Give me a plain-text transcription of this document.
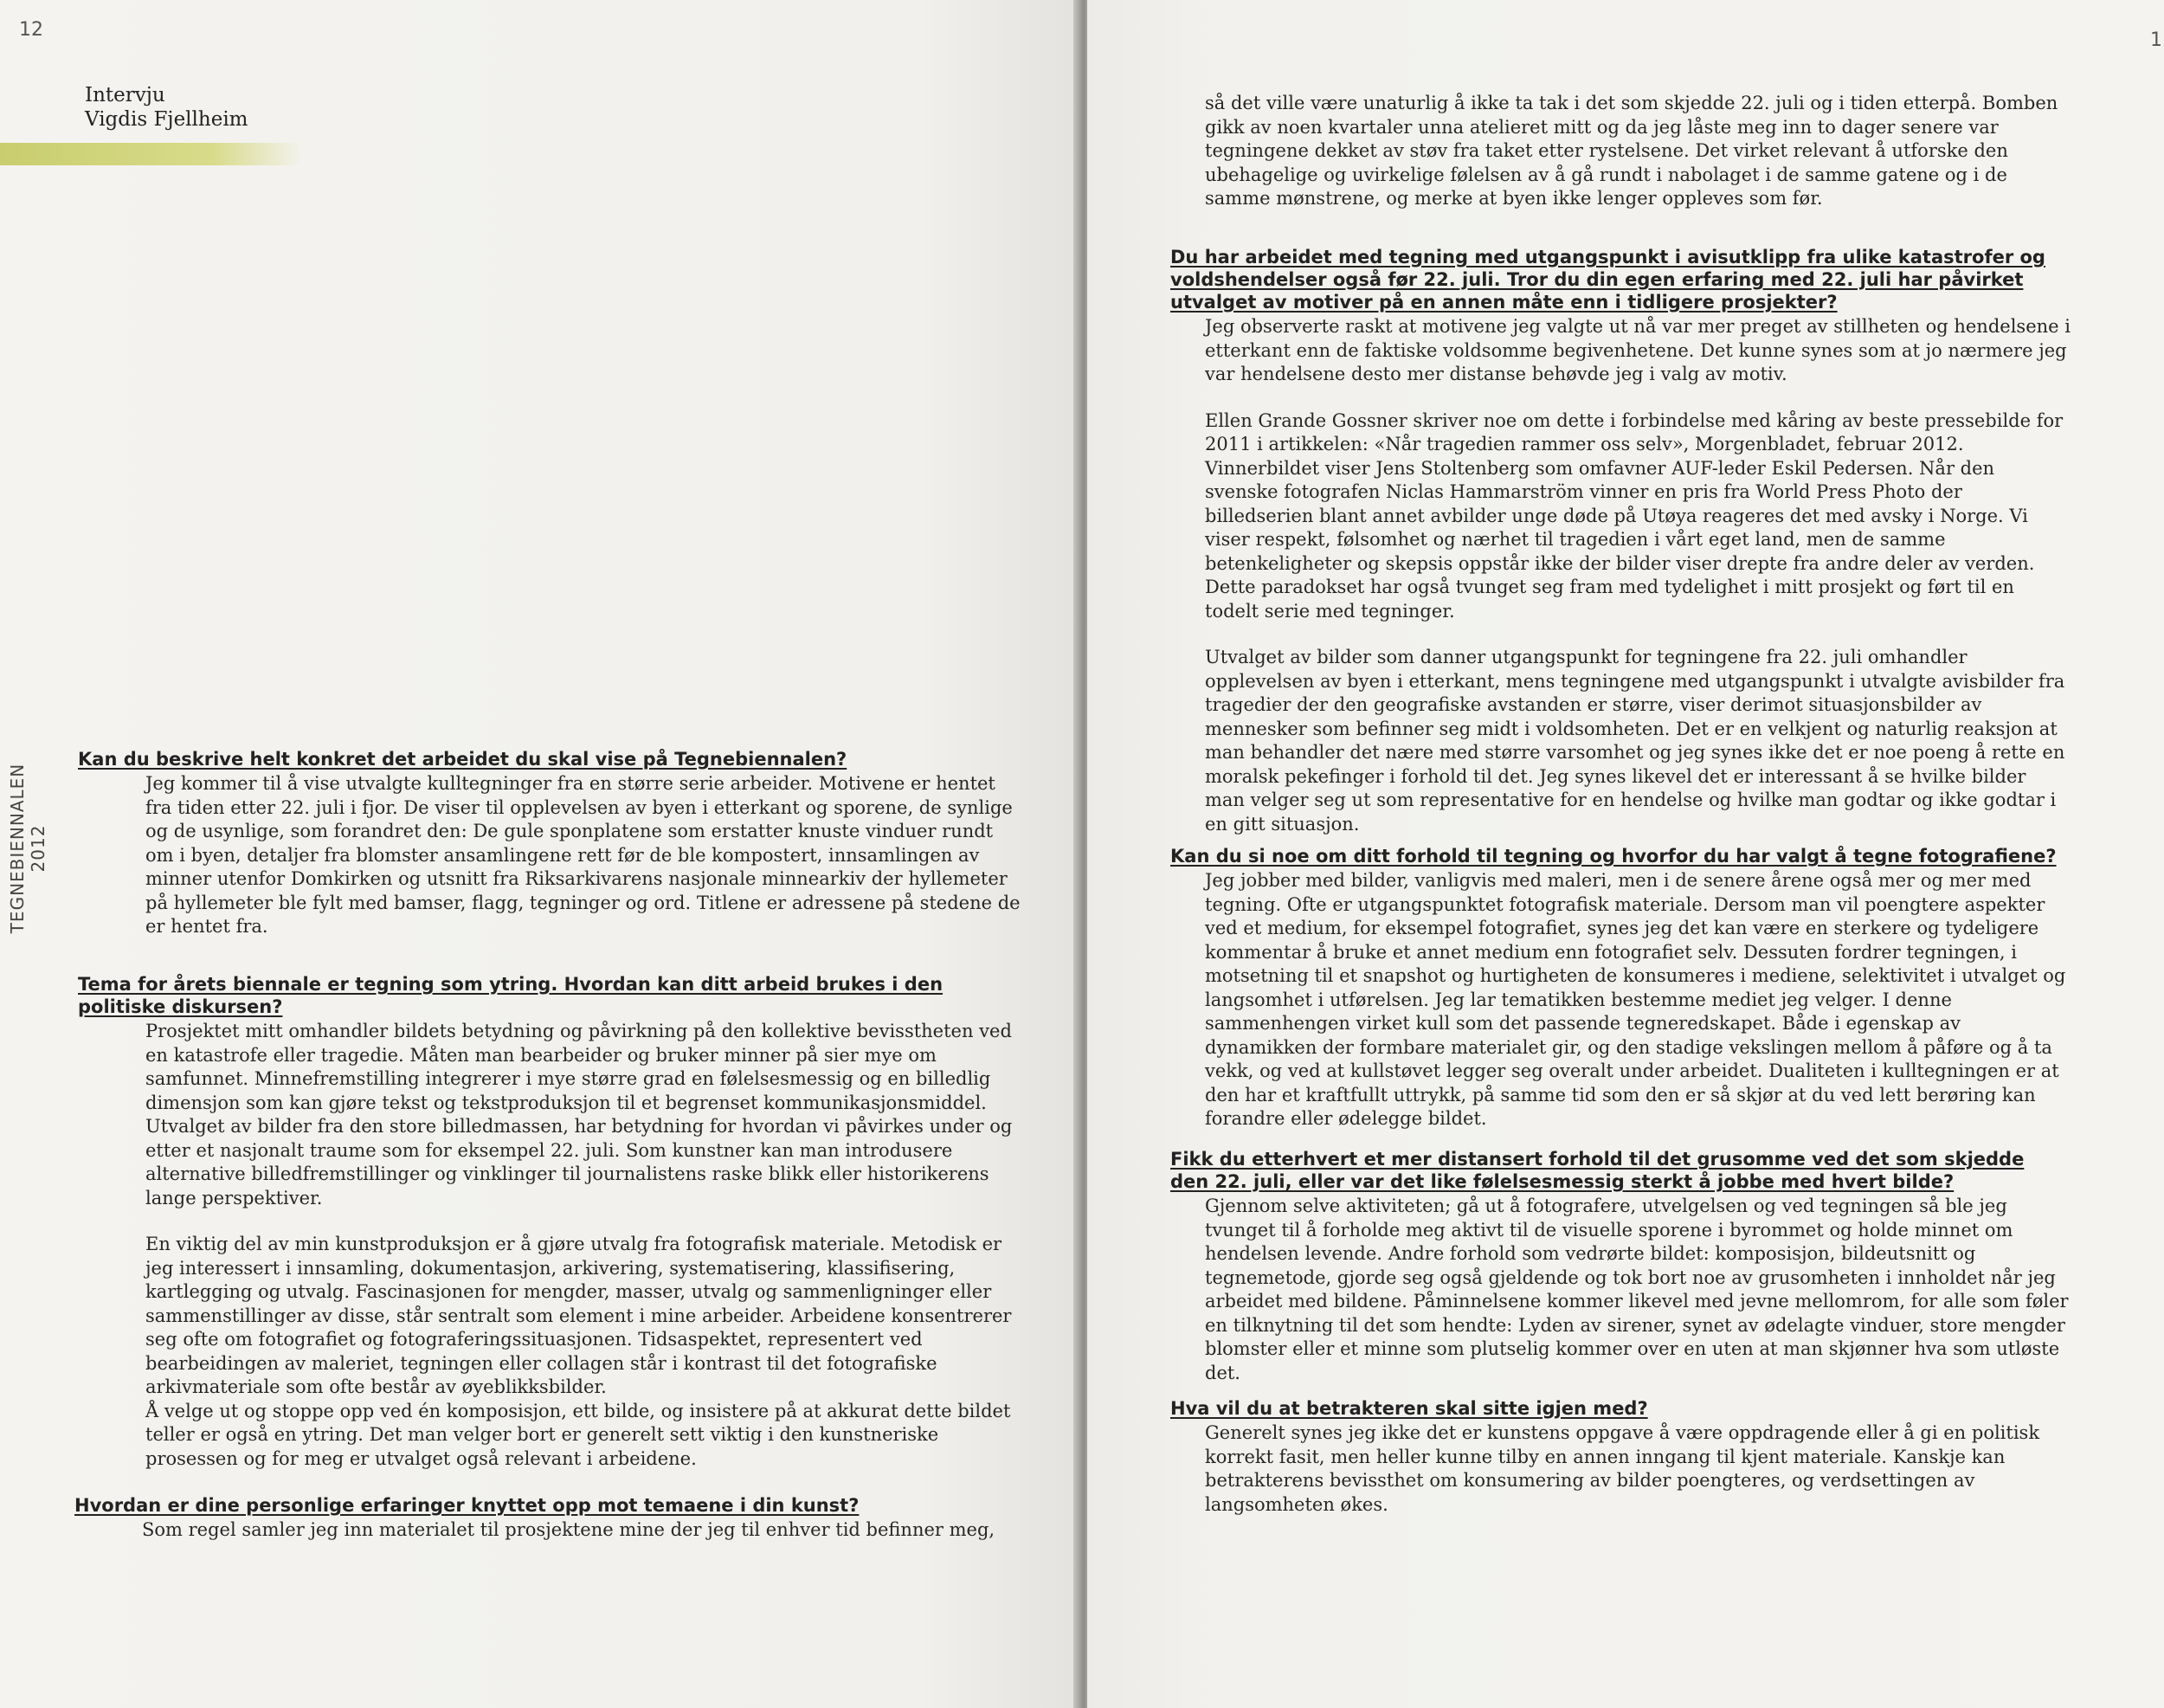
12
Intervju
Vigdis Fjellheim
TEGNEBIENNALEN 2012
Kan du beskrive helt konkret det arbeidet du skal vise på Tegnebiennalen?
Jeg kommer til å vise utvalgte kulltegninger fra en større serie arbeider. Motivene er hentet fra tiden etter 22. juli i fjor. De viser til opplevelsen av byen i etterkant og sporene, de synlige og de usynlige, som forandret den: De gule sponplatene som erstatter knuste vinduer rundt om i byen, detaljer fra blomster ansamlingene rett før de ble kompostert, innsamlingen av minner utenfor Domkirken og utsnitt fra Riksarkivarens nasjonale minnearkiv der hyllemeter på hyllemeter ble fylt med bamser, flagg, tegninger og ord. Titlene er adressene på stedene de er hentet fra.
Tema for årets biennale er tegning som ytring. Hvordan kan ditt arbeid brukes i den politiske diskursen?
Prosjektet mitt omhandler bildets betydning og påvirkning på den kollektive bevisstheten ved en katastrofe eller tragedie. Måten man bearbeider og bruker minner på sier mye om samfunnet. Minnefremstilling integrerer i mye større grad en følelsesmessig og en billedlig dimensjon som kan gjøre tekst og tekstproduksjon til et begrenset kommunikasjonsmiddel. Utvalget av bilder fra den store billedmassen, har betydning for hvordan vi påvirkes under og etter et nasjonalt traume som for eksempel 22. juli. Som kunstner kan man introdusere alternative billedfremstillinger og vinklinger til journalistens raske blikk eller historikerens lange perspektiver.
En viktig del av min kunstproduksjon er å gjøre utvalg fra fotografisk materiale. Metodisk er jeg interessert i innsamling, dokumentasjon, arkivering, systematisering, klassifisering, kartlegging og utvalg. Fascinasjonen for mengder, masser, utvalg og sammenligninger eller sammenstillinger av disse, står sentralt som element i mine arbeider. Arbeidene konsentrerer seg ofte om fotografiet og fotograferingssituasjonen. Tidsaspektet, representert ved bearbeidingen av maleriet, tegningen eller collagen står i kontrast til det fotografiske arkivmateriale som ofte består av øyeblikksbilder.
Å velge ut og stoppe opp ved én komposisjon, ett bilde, og insistere på at akkurat dette bildet teller er også en ytring. Det man velger bort er generelt sett viktig i den kunstneriske prosessen og for meg er utvalget også relevant i arbeidene.
Hvordan er dine personlige erfaringer knyttet opp mot temaene i din kunst?
Som regel samler jeg inn materialet til prosjektene mine der jeg til enhver tid befinner meg,
1
så det ville være unaturlig å ikke ta tak i det som skjedde 22. juli og i tiden etterpå. Bomben gikk av noen kvartaler unna atelieret mitt og da jeg låste meg inn to dager senere var tegningene dekket av støv fra taket etter rystelsene. Det virket relevant å utforske den ubehagelige og uvirkelige følelsen av å gå rundt i nabolaget i de samme gatene og i de samme mønstrene, og merke at byen ikke lenger oppleves som før.
Du har arbeidet med tegning med utgangspunkt i avisutklipp fra ulike katastrofer og voldshendelser også før 22. juli. Tror du din egen erfaring med 22. juli har påvirket utvalget av motiver på en annen måte enn i tidligere prosjekter?
Jeg observerte raskt at motivene jeg valgte ut nå var mer preget av stillheten og hendelsene i etterkant enn de faktiske voldsomme begivenhetene. Det kunne synes som at jo nærmere jeg var hendelsene desto mer distanse behøvde jeg i valg av motiv.
Ellen Grande Gossner skriver noe om dette i forbindelse med kåring av beste pressebilde for 2011 i artikkelen: «Når tragedien rammer oss selv», Morgenbladet, februar 2012. Vinnerbildet viser Jens Stoltenberg som omfavner AUF-leder Eskil Pedersen. Når den svenske fotografen Niclas Hammarström vinner en pris fra World Press Photo der billedserien blant annet avbilder unge døde på Utøya reageres det med avsky i Norge. Vi viser respekt, følsomhet og nærhet til tragedien i vårt eget land, men de samme betenkeligheter og skepsis oppstår ikke der bilder viser drepte fra andre deler av verden. Dette paradokset har også tvunget seg fram med tydelighet i mitt prosjekt og ført til en todelt serie med tegninger.
Utvalget av bilder som danner utgangspunkt for tegningene fra 22. juli omhandler opplevelsen av byen i etterkant, mens tegningene med utgangspunkt i utvalgte avisbilder fra tragedier der den geografiske avstanden er større, viser derimot situasjonsbilder av mennesker som befinner seg midt i voldsomheten. Det er en velkjent og naturlig reaksjon at man behandler det nære med større varsomhet og jeg synes ikke det er noe poeng å rette en moralsk pekefinger i forhold til det. Jeg synes likevel det er interessant å se hvilke bilder man velger seg ut som representative for en hendelse og hvilke man godtar og ikke godtar i en gitt situasjon.
Kan du si noe om ditt forhold til tegning og hvorfor du har valgt å tegne fotografiene?
Jeg jobber med bilder, vanligvis med maleri, men i de senere årene også mer og mer med tegning. Ofte er utgangspunktet fotografisk materiale. Dersom man vil poengtere aspekter ved et medium, for eksempel fotografiet, synes jeg det kan være en sterkere og tydeligere kommentar å bruke et annet medium enn fotografiet selv. Dessuten fordrer tegningen, i motsetning til et snapshot og hurtigheten de konsumeres i mediene, selektivitet i utvalget og langsomhet i utførelsen. Jeg lar tematikken bestemme mediet jeg velger. I denne sammenhengen virket kull som det passende tegneredskapet. Både i egenskap av dynamikken der formbare materialet gir, og den stadige vekslingen mellom å påføre og å ta vekk, og ved at kullstøvet legger seg overalt under arbeidet. Dualiteten i kulltegningen er at den har et kraftfullt uttrykk, på samme tid som den er så skjør at du ved lett berøring kan forandre eller ødelegge bildet.
Fikk du etterhvert et mer distansert forhold til det grusomme ved det som skjedde den 22. juli, eller var det like følelsesmessig sterkt å jobbe med hvert bilde?
Gjennom selve aktiviteten; gå ut å fotografere, utvelgelsen og ved tegningen så ble jeg tvunget til å forholde meg aktivt til de visuelle sporene i byrommet og holde minnet om hendelsen levende. Andre forhold som vedrørte bildet: komposisjon, bildeutsnitt og tegnemetode, gjorde seg også gjeldende og tok bort noe av grusomheten i innholdet når jeg arbeidet med bildene. Påminnelsene kommer likevel med jevne mellomrom, for alle som føler en tilknytning til det som hendte: Lyden av sirener, synet av ødelagte vinduer, store mengder blomster eller et minne som plutselig kommer over en uten at man skjønner hva som utløste det.
Hva vil du at betrakteren skal sitte igjen med?
Generelt synes jeg ikke det er kunstens oppgave å være oppdragende eller å gi en politisk korrekt fasit, men heller kunne tilby en annen inngang til kjent materiale. Kanskje kan betrakterens bevissthet om konsumering av bilder poengteres, og verdsettingen av langsomheten økes.
